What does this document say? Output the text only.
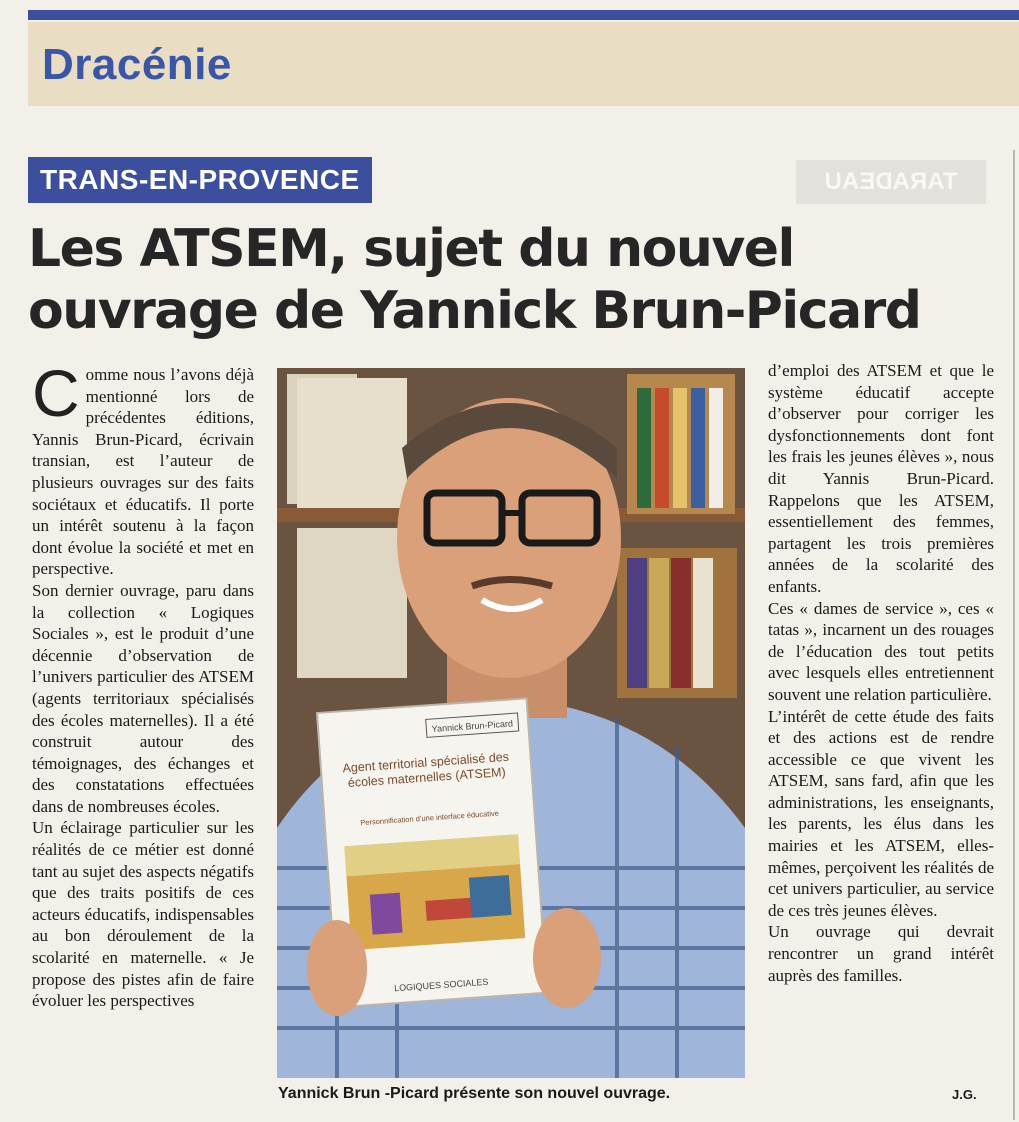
Dracénie
TRANS-EN-PROVENCE	TARADEAU
Les ATSEM, sujet du nouvel ouvrage de Yannick Brun-Picard

Comme nous l’avons déjà mentionné lors de précédentes éditions, Yannis Brun-Picard, écrivain transian, est l’auteur de plusieurs ouvrages sur des faits sociétaux et éducatifs. Il porte un intérêt soutenu à la façon dont évolue la société et met en perspective.

Son dernier ouvrage, paru dans la collection « Logiques Sociales », est le produit d’une décennie d’observation de l’univers particulier des ATSEM (agents territoriaux spécialisés des écoles maternelles). Il a été construit autour des témoignages, des échanges et des constatations effectuées dans de nombreuses écoles.

Un éclairage particulier sur les réalités de ce métier est donné tant au sujet des aspects négatifs que des traits positifs de ces acteurs éducatifs, indispensables au bon déroulement de la scolarité en maternelle. « Je propose des pistes afin de faire évoluer les perspectives

Yannick Brun-Picard
Agent territorial spécialisé des écoles maternelles (ATSEM)
Personnification d’une interface éducative
LOGIQUES SOCIALES

Yannick Brun -Picard présente son nouvel ouvrage.	J.G.

d’emploi des ATSEM et que le système éducatif accepte d’observer pour corriger les dysfonctionnements dont font les frais les jeunes élèves », nous dit Yannis Brun-Picard. Rappelons que les ATSEM, essentiellement des femmes, partagent les trois premières années de la scolarité des enfants.

Ces « dames de service », ces « tatas », incarnent un des rouages de l’éducation des tout petits avec lesquels elles entretiennent souvent une relation particulière.

L’intérêt de cette étude des faits et des actions est de rendre accessible ce que vivent les ATSEM, sans fard, afin que les administrations, les enseignants, les parents, les élus dans les mairies et les ATSEM, elles-mêmes, perçoivent les réalités de cet univers particulier, au service de ces très jeunes élèves.

Un ouvrage qui devrait rencontrer un grand intérêt auprès des familles.
